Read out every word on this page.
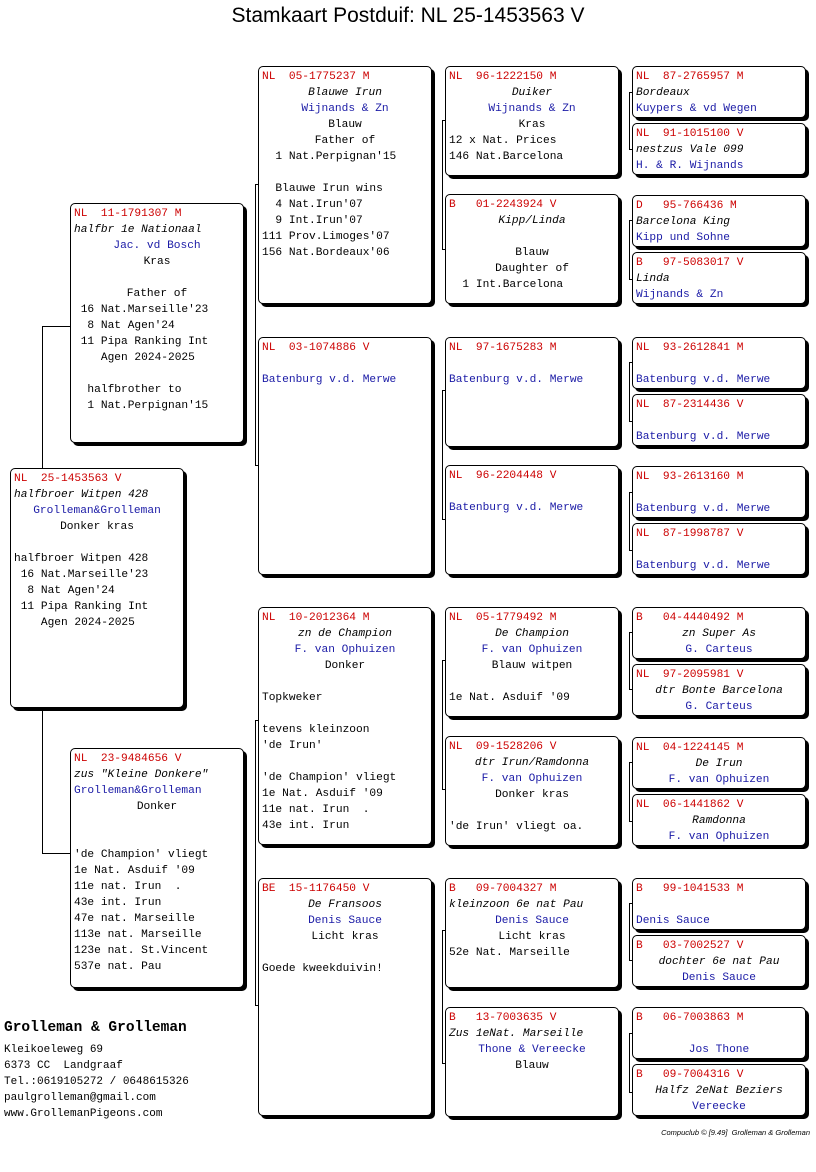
Stamkaart Postduif: NL 25-1453563 V
NL  25-1453563 V
halfbroer Witpen 428
Grolleman&Grolleman
Donker kras
halfbroer Witpen 428
16 Nat.Marseille'23
8 Nat Agen'24
11 Pipa Ranking Int
Agen 2024-2025
NL  11-1791307 M
halfbr 1e Nationaal
Jac. vd Bosch
Kras
Father of
16 Nat.Marseille'23
8 Nat Agen'24
11 Pipa Ranking Int
Agen 2024-2025
halfbrother to
1 Nat.Perpignan'15
NL  23-9484656 V
zus "Kleine Donkere"
Grolleman&Grolleman
Donker
'de Champion' vliegt
1e Nat. Asduif '09
11e nat. Irun  .
43e int. Irun
47e nat. Marseille
113e nat. Marseille
123e nat. St.Vincent
537e nat. Pau
NL  05-1775237 M
Blauwe Irun
Wijnands & Zn
Blauw
Father of
1 Nat.Perpignan'15
Blauwe Irun wins
4 Nat.Irun'07
9 Int.Irun'07
111 Prov.Limoges'07
156 Nat.Bordeaux'06
NL  03-1074886 V
Batenburg v.d. Merwe
NL  10-2012364 M
zn de Champion
F. van Ophuizen
Donker
Topkweker
tevens kleinzoon
'de Irun'
'de Champion' vliegt
1e Nat. Asduif '09
11e nat. Irun  .
43e int. Irun
BE  15-1176450 V
De Fransoos
Denis Sauce
Licht kras
Goede kweekduivin!
NL  96-1222150 M
Duiker
Wijnands & Zn
Kras
12 x Nat. Prices
146 Nat.Barcelona
B   01-2243924 V
Kipp/Linda
Blauw
Daughter of
1 Int.Barcelona
NL  97-1675283 M
Batenburg v.d. Merwe
NL  96-2204448 V
Batenburg v.d. Merwe
NL  05-1779492 M
De Champion
F. van Ophuizen
Blauw witpen
1e Nat. Asduif '09
NL  09-1528206 V
dtr Irun/Ramdonna
F. van Ophuizen
Donker kras
'de Irun' vliegt oa.
B   09-7004327 M
kleinzoon 6e nat Pau
Denis Sauce
Licht kras
52e Nat. Marseille
B   13-7003635 V
Zus 1eNat. Marseille
Thone & Vereecke
Blauw
NL  87-2765957 M
Bordeaux
Kuypers & vd Wegen
NL  91-1015100 V
nestzus Vale 099
H. & R. Wijnands
D   95-766436 M
Barcelona King
Kipp und Sohne
B   97-5083017 V
Linda
Wijnands & Zn
NL  93-2612841 M
Batenburg v.d. Merwe
NL  87-2314436 V
Batenburg v.d. Merwe
NL  93-2613160 M
Batenburg v.d. Merwe
NL  87-1998787 V
Batenburg v.d. Merwe
B   04-4440492 M
zn Super As
G. Carteus
NL  97-2095981 V
dtr Bonte Barcelona
G. Carteus
NL  04-1224145 M
De Irun
F. van Ophuizen
NL  06-1441862 V
Ramdonna
F. van Ophuizen
B   99-1041533 M
Denis Sauce
B   03-7002527 V
dochter 6e nat Pau
Denis Sauce
B   06-7003863 M
Jos Thone
B   09-7004316 V
Halfz 2eNat Beziers
Vereecke
Grolleman & Grolleman
Kleikoeleweg 69
6373 CC  Landgraaf
Tel.:0619105272 / 0648615326
paulgrolleman@gmail.com
www.GrollemanPigeons.com
Compuclub © [9.49]  Grolleman & Grolleman
